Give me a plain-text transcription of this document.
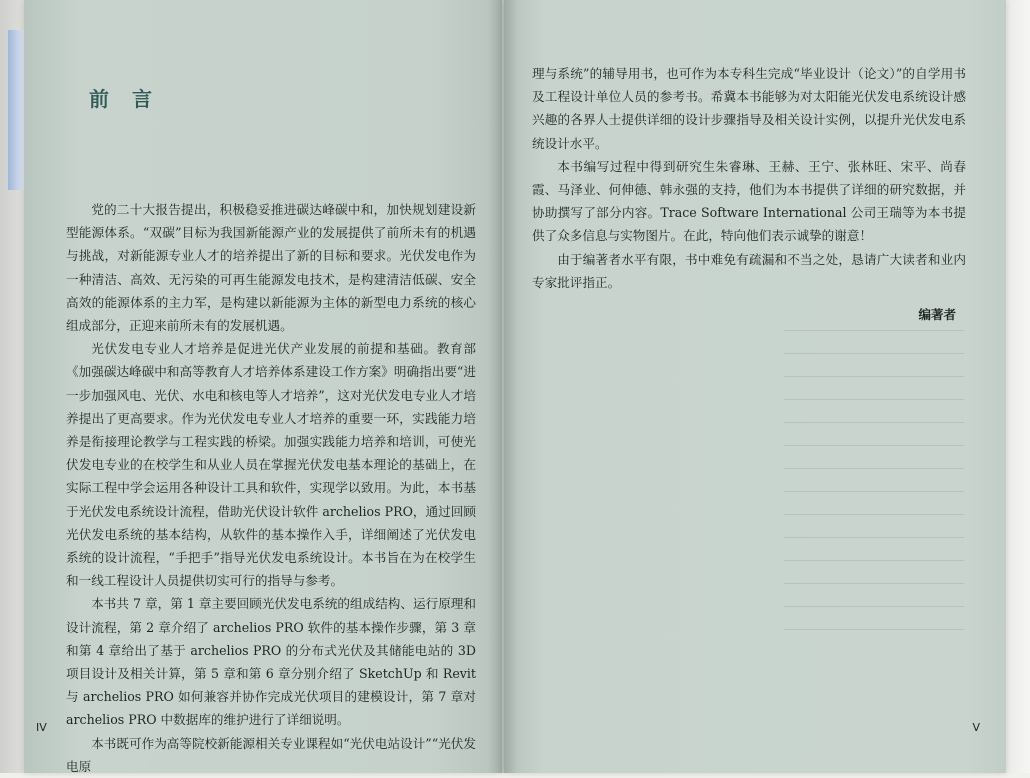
前 言

党的二十大报告提出，积极稳妥推进碳达峰碳中和，加快规划建设新型能源体系。“双碳”目标为我国新能源产业的发展提供了前所未有的机遇与挑战，对新能源专业人才的培养提出了新的目标和要求。光伏发电作为一种清洁、高效、无污染的可再生能源发电技术，是构建清洁低碳、安全高效的能源体系的主力军，是构建以新能源为主体的新型电力系统的核心组成部分，正迎来前所未有的发展机遇。

光伏发电专业人才培养是促进光伏产业发展的前提和基础。教育部《加强碳达峰碳中和高等教育人才培养体系建设工作方案》明确指出要“进一步加强风电、光伏、水电和核电等人才培养”，这对光伏发电专业人才培养提出了更高要求。作为光伏发电专业人才培养的重要一环，实践能力培养是衔接理论教学与工程实践的桥梁。加强实践能力培养和培训，可使光伏发电专业的在校学生和从业人员在掌握光伏发电基本理论的基础上，在实际工程中学会运用各种设计工具和软件，实现学以致用。为此，本书基于光伏发电系统设计流程，借助光伏设计软件 archelios PRO，通过回顾光伏发电系统的基本结构，从软件的基本操作入手，详细阐述了光伏发电系统的设计流程，“手把手”指导光伏发电系统设计。本书旨在为在校学生和一线工程设计人员提供切实可行的指导与参考。

本书共 7 章，第 1 章主要回顾光伏发电系统的组成结构、运行原理和设计流程，第 2 章介绍了 archelios PRO 软件的基本操作步骤，第 3 章和第 4 章给出了基于 archelios PRO 的分布式光伏及其储能电站的 3D 项目设计及相关计算，第 5 章和第 6 章分别介绍了 SketchUp 和 Revit 与 archelios PRO 如何兼容并协作完成光伏项目的建模设计，第 7 章对 archelios PRO 中数据库的维护进行了详细说明。

本书既可作为高等院校新能源相关专业课程如“光伏电站设计”“光伏发电原

IV

理与系统”的辅导用书，也可作为本专科生完成“毕业设计（论文）”的自学用书及工程设计单位人员的参考书。希冀本书能够为对太阳能光伏发电系统设计感兴趣的各界人士提供详细的设计步骤指导及相关设计实例，以提升光伏发电系统设计水平。

本书编写过程中得到研究生朱睿琳、王赫、王宁、张林旺、宋平、尚春霞、马泽业、何伸德、韩永强的支持，他们为本书提供了详细的研究数据，并协助撰写了部分内容。Trace Software International 公司王瑞等为本书提供了众多信息与实物图片。在此，特向他们表示诚挚的谢意！

由于编著者水平有限，书中难免有疏漏和不当之处，恳请广大读者和业内专家批评指正。

编著者
V
